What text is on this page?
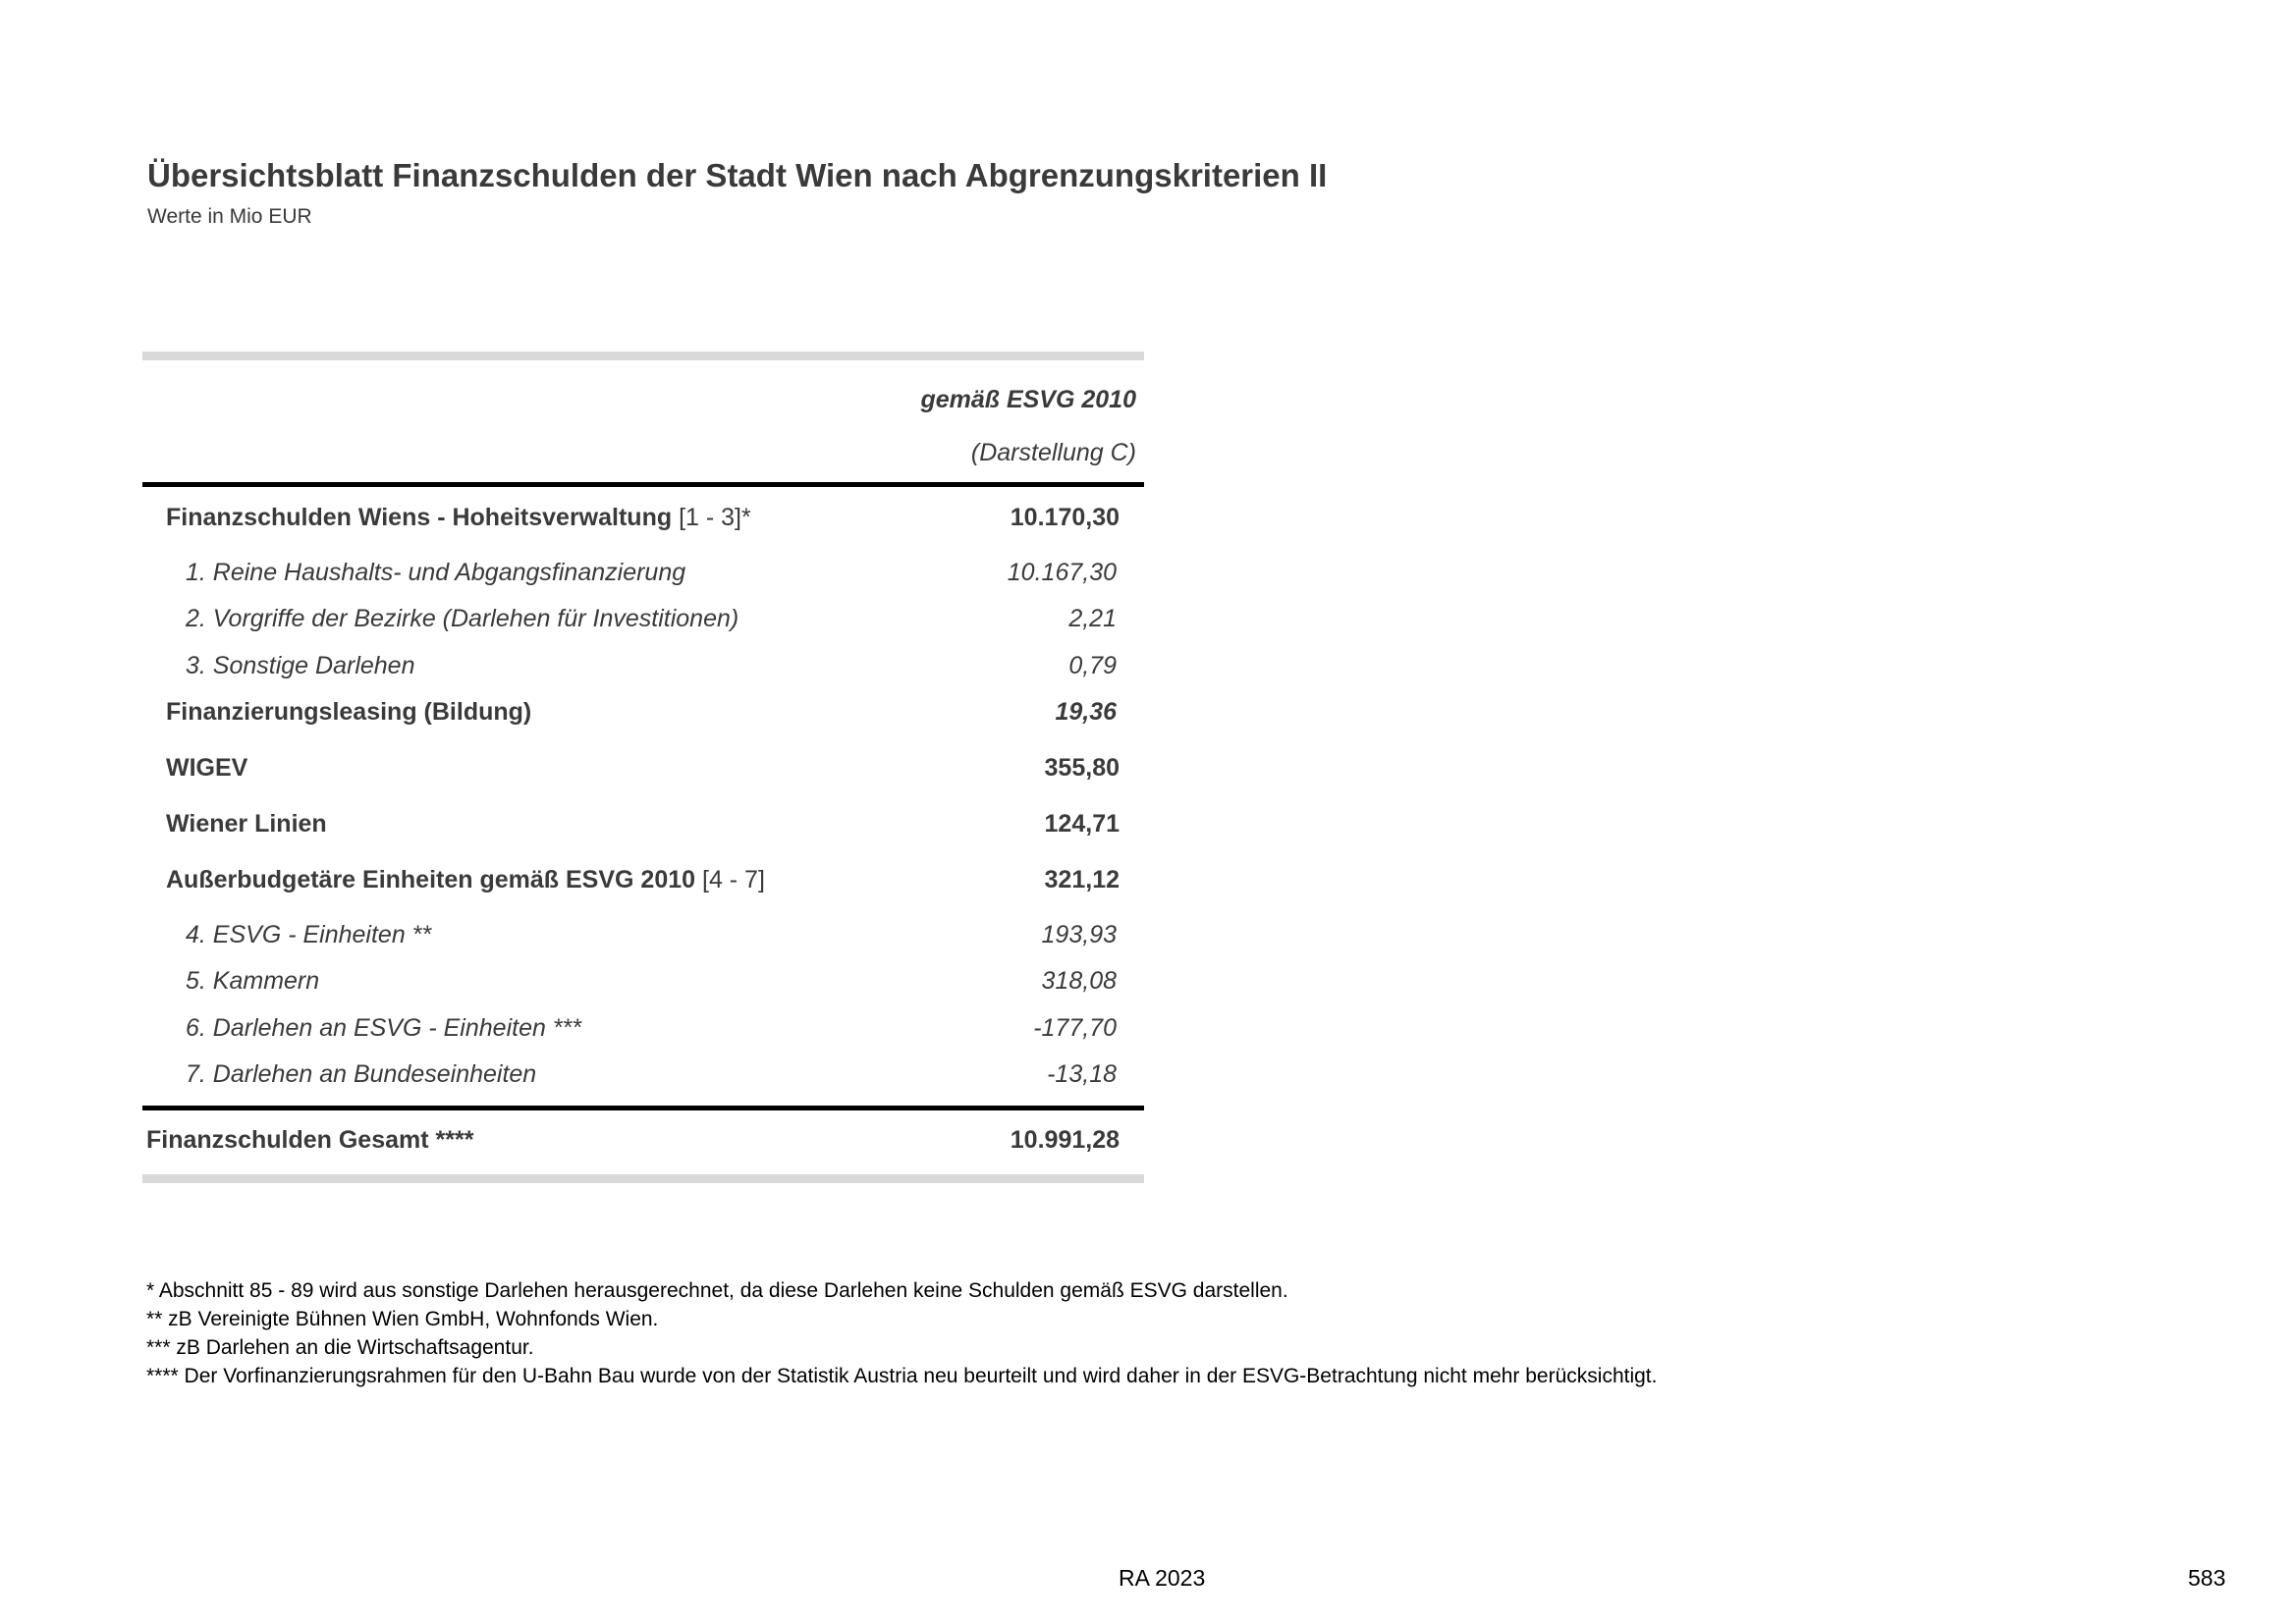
Übersichtsblatt Finanzschulden der Stadt Wien nach Abgrenzungskriterien II
Werte in Mio EUR
gemäß ESVG 2010
(Darstellung C)
Finanzschulden Wiens - Hoheitsverwaltung [1 - 3]*	10.170,30
1. Reine Haushalts- und Abgangsfinanzierung	10.167,30
2. Vorgriffe der Bezirke (Darlehen für Investitionen)	2,21
3. Sonstige Darlehen	0,79
Finanzierungsleasing (Bildung)	19,36
WIGEV	355,80
Wiener Linien	124,71
Außerbudgetäre Einheiten gemäß ESVG 2010 [4 - 7]	321,12
4. ESVG - Einheiten **	193,93
5. Kammern	318,08
6. Darlehen an ESVG - Einheiten ***	-177,70
7. Darlehen an Bundeseinheiten	-13,18
Finanzschulden Gesamt ****	10.991,28
* Abschnitt 85 - 89 wird aus sonstige Darlehen herausgerechnet, da diese Darlehen keine Schulden gemäß ESVG darstellen.
** zB Vereinigte Bühnen Wien GmbH, Wohnfonds Wien.
*** zB Darlehen an die Wirtschaftsagentur.
**** Der Vorfinanzierungsrahmen für den U-Bahn Bau wurde von der Statistik Austria neu beurteilt und wird daher in der ESVG-Betrachtung nicht mehr berücksichtigt.
RA 2023	583
